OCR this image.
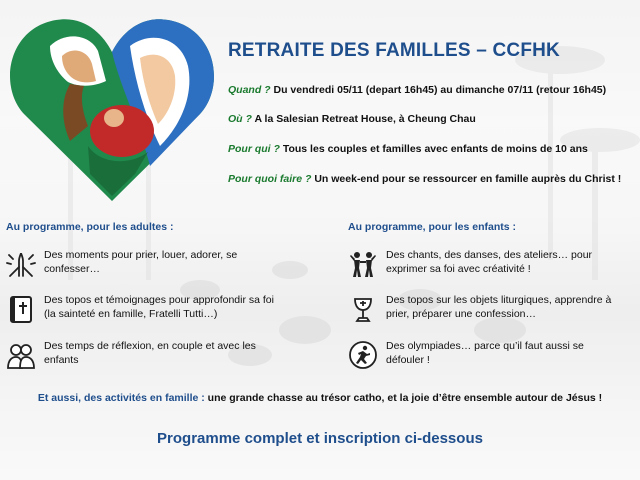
RETRAITE DES FAMILLES – CCFHK
Quand ? Du vendredi 05/11 (depart 16h45) au dimanche 07/11 (retour 16h45)
Où ? A la Salesian Retreat House, à Cheung Chau
Pour qui ? Tous les couples et familles avec enfants de moins de 10 ans
Pour quoi faire ? Un week-end pour se ressourcer en famille auprès du Christ !
Au programme, pour les adultes :	Au programme, pour les enfants :
Des moments pour prier, louer, adorer, se confesser…
Des topos et témoignages pour approfondir sa foi (la sainteté en famille, Fratelli Tutti…)
Des temps de réflexion, en couple et avec les enfants
Des chants, des danses, des ateliers… pour exprimer sa foi avec créativité !
Des topos sur les objets liturgiques, apprendre à prier, préparer une confession…
Des olympiades… parce qu’il faut aussi se défouler !
Et aussi, des activités en famille : une grande chasse au trésor catho, et la joie d’être ensemble autour de Jésus !
Programme complet et inscription ci-dessous
